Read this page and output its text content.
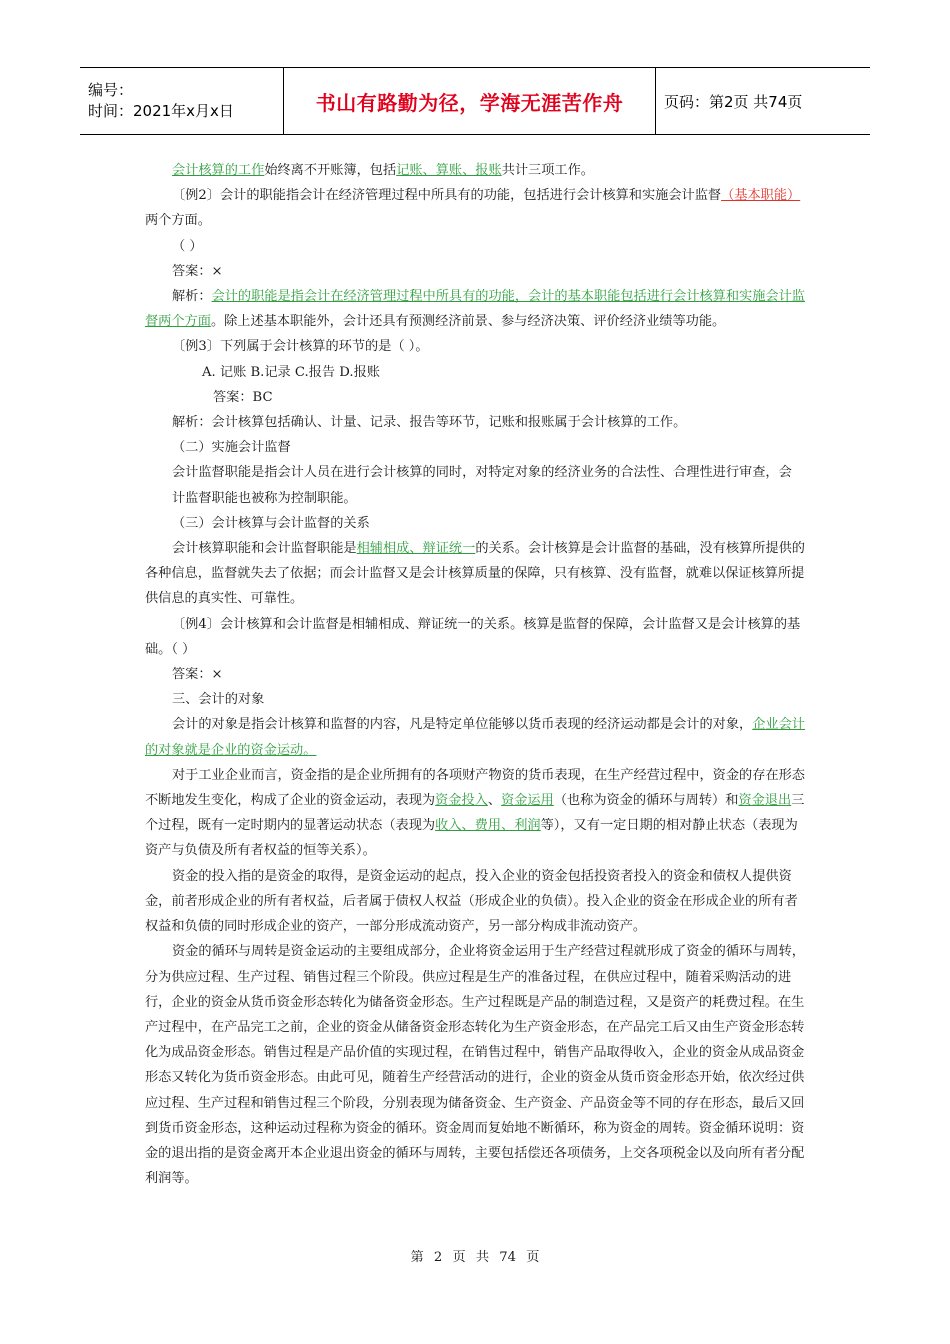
编号：
时间：2021年x月x日	书山有路勤为径，学海无涯苦作舟	页码：第2页 共74页

会计核算的工作始终离不开账簿，包括记账、算账、报账共计三项工作。

〔例2〕会计的职能指会计在经济管理过程中所具有的功能，包括进行会计核算和实施会计监督（基本职能）两个方面。

（ ）

答案：×

解析：会计的职能是指会计在经济管理过程中所具有的功能，会计的基本职能包括进行会计核算和实施会计监督两个方面。除上述基本职能外，会计还具有预测经济前景、参与经济决策、评价经济业绩等功能。

〔例3〕下列属于会计核算的环节的是（ ）。

A. 记账 B.记录 C.报告 D.报账

答案：BC

解析：会计核算包括确认、计量、记录、报告等环节，记账和报账属于会计核算的工作。

（二）实施会计监督

会计监督职能是指会计人员在进行会计核算的同时，对特定对象的经济业务的合法性、合理性进行审查，会

计监督职能也被称为控制职能。

（三）会计核算与会计监督的关系

会计核算职能和会计监督职能是相辅相成、辩证统一的关系。会计核算是会计监督的基础，没有核算所提供的各种信息，监督就失去了依据；而会计监督又是会计核算质量的保障，只有核算、没有监督，就难以保证核算所提供信息的真实性、可靠性。

〔例4〕会计核算和会计监督是相辅相成、辩证统一的关系。核算是监督的保障，会计监督又是会计核算的基础。（ ）

答案：×

三、会计的对象

会计的对象是指会计核算和监督的内容，凡是特定单位能够以货币表现的经济运动都是会计的对象，企业会计的对象就是企业的资金运动。

对于工业企业而言，资金指的是企业所拥有的各项财产物资的货币表现，在生产经营过程中，资金的存在形态不断地发生变化，构成了企业的资金运动，表现为资金投入、资金运用（也称为资金的循环与周转）和资金退出三个过程，既有一定时期内的显著运动状态（表现为收入、费用、利润等），又有一定日期的相对静止状态（表现为资产与负债及所有者权益的恒等关系）。

资金的投入指的是资金的取得，是资金运动的起点，投入企业的资金包括投资者投入的资金和债权人提供资金，前者形成企业的所有者权益，后者属于债权人权益（形成企业的负债）。投入企业的资金在形成企业的所有者权益和负债的同时形成企业的资产，一部分形成流动资产，另一部分构成非流动资产。

资金的循环与周转是资金运动的主要组成部分，企业将资金运用于生产经营过程就形成了资金的循环与周转，分为供应过程、生产过程、销售过程三个阶段。供应过程是生产的准备过程，在供应过程中，随着采购活动的进行，企业的资金从货币资金形态转化为储备资金形态。生产过程既是产品的制造过程，又是资产的耗费过程。在生产过程中，在产品完工之前，企业的资金从储备资金形态转化为生产资金形态，在产品完工后又由生产资金形态转化为成品资金形态。销售过程是产品价值的实现过程，在销售过程中，销售产品取得收入，企业的资金从成品资金形态又转化为货币资金形态。由此可见，随着生产经营活动的进行，企业的资金从货币资金形态开始，依次经过供应过程、生产过程和销售过程三个阶段，分别表现为储备资金、生产资金、产品资金等不同的存在形态，最后又回到货币资金形态，这种运动过程称为资金的循环。资金周而复始地不断循环，称为资金的周转。资金循环说明：资金的退出指的是资金离开本企业退出资金的循环与周转，主要包括偿还各项债务，上交各项税金以及向所有者分配利润等。

第 2 页 共 74 页
